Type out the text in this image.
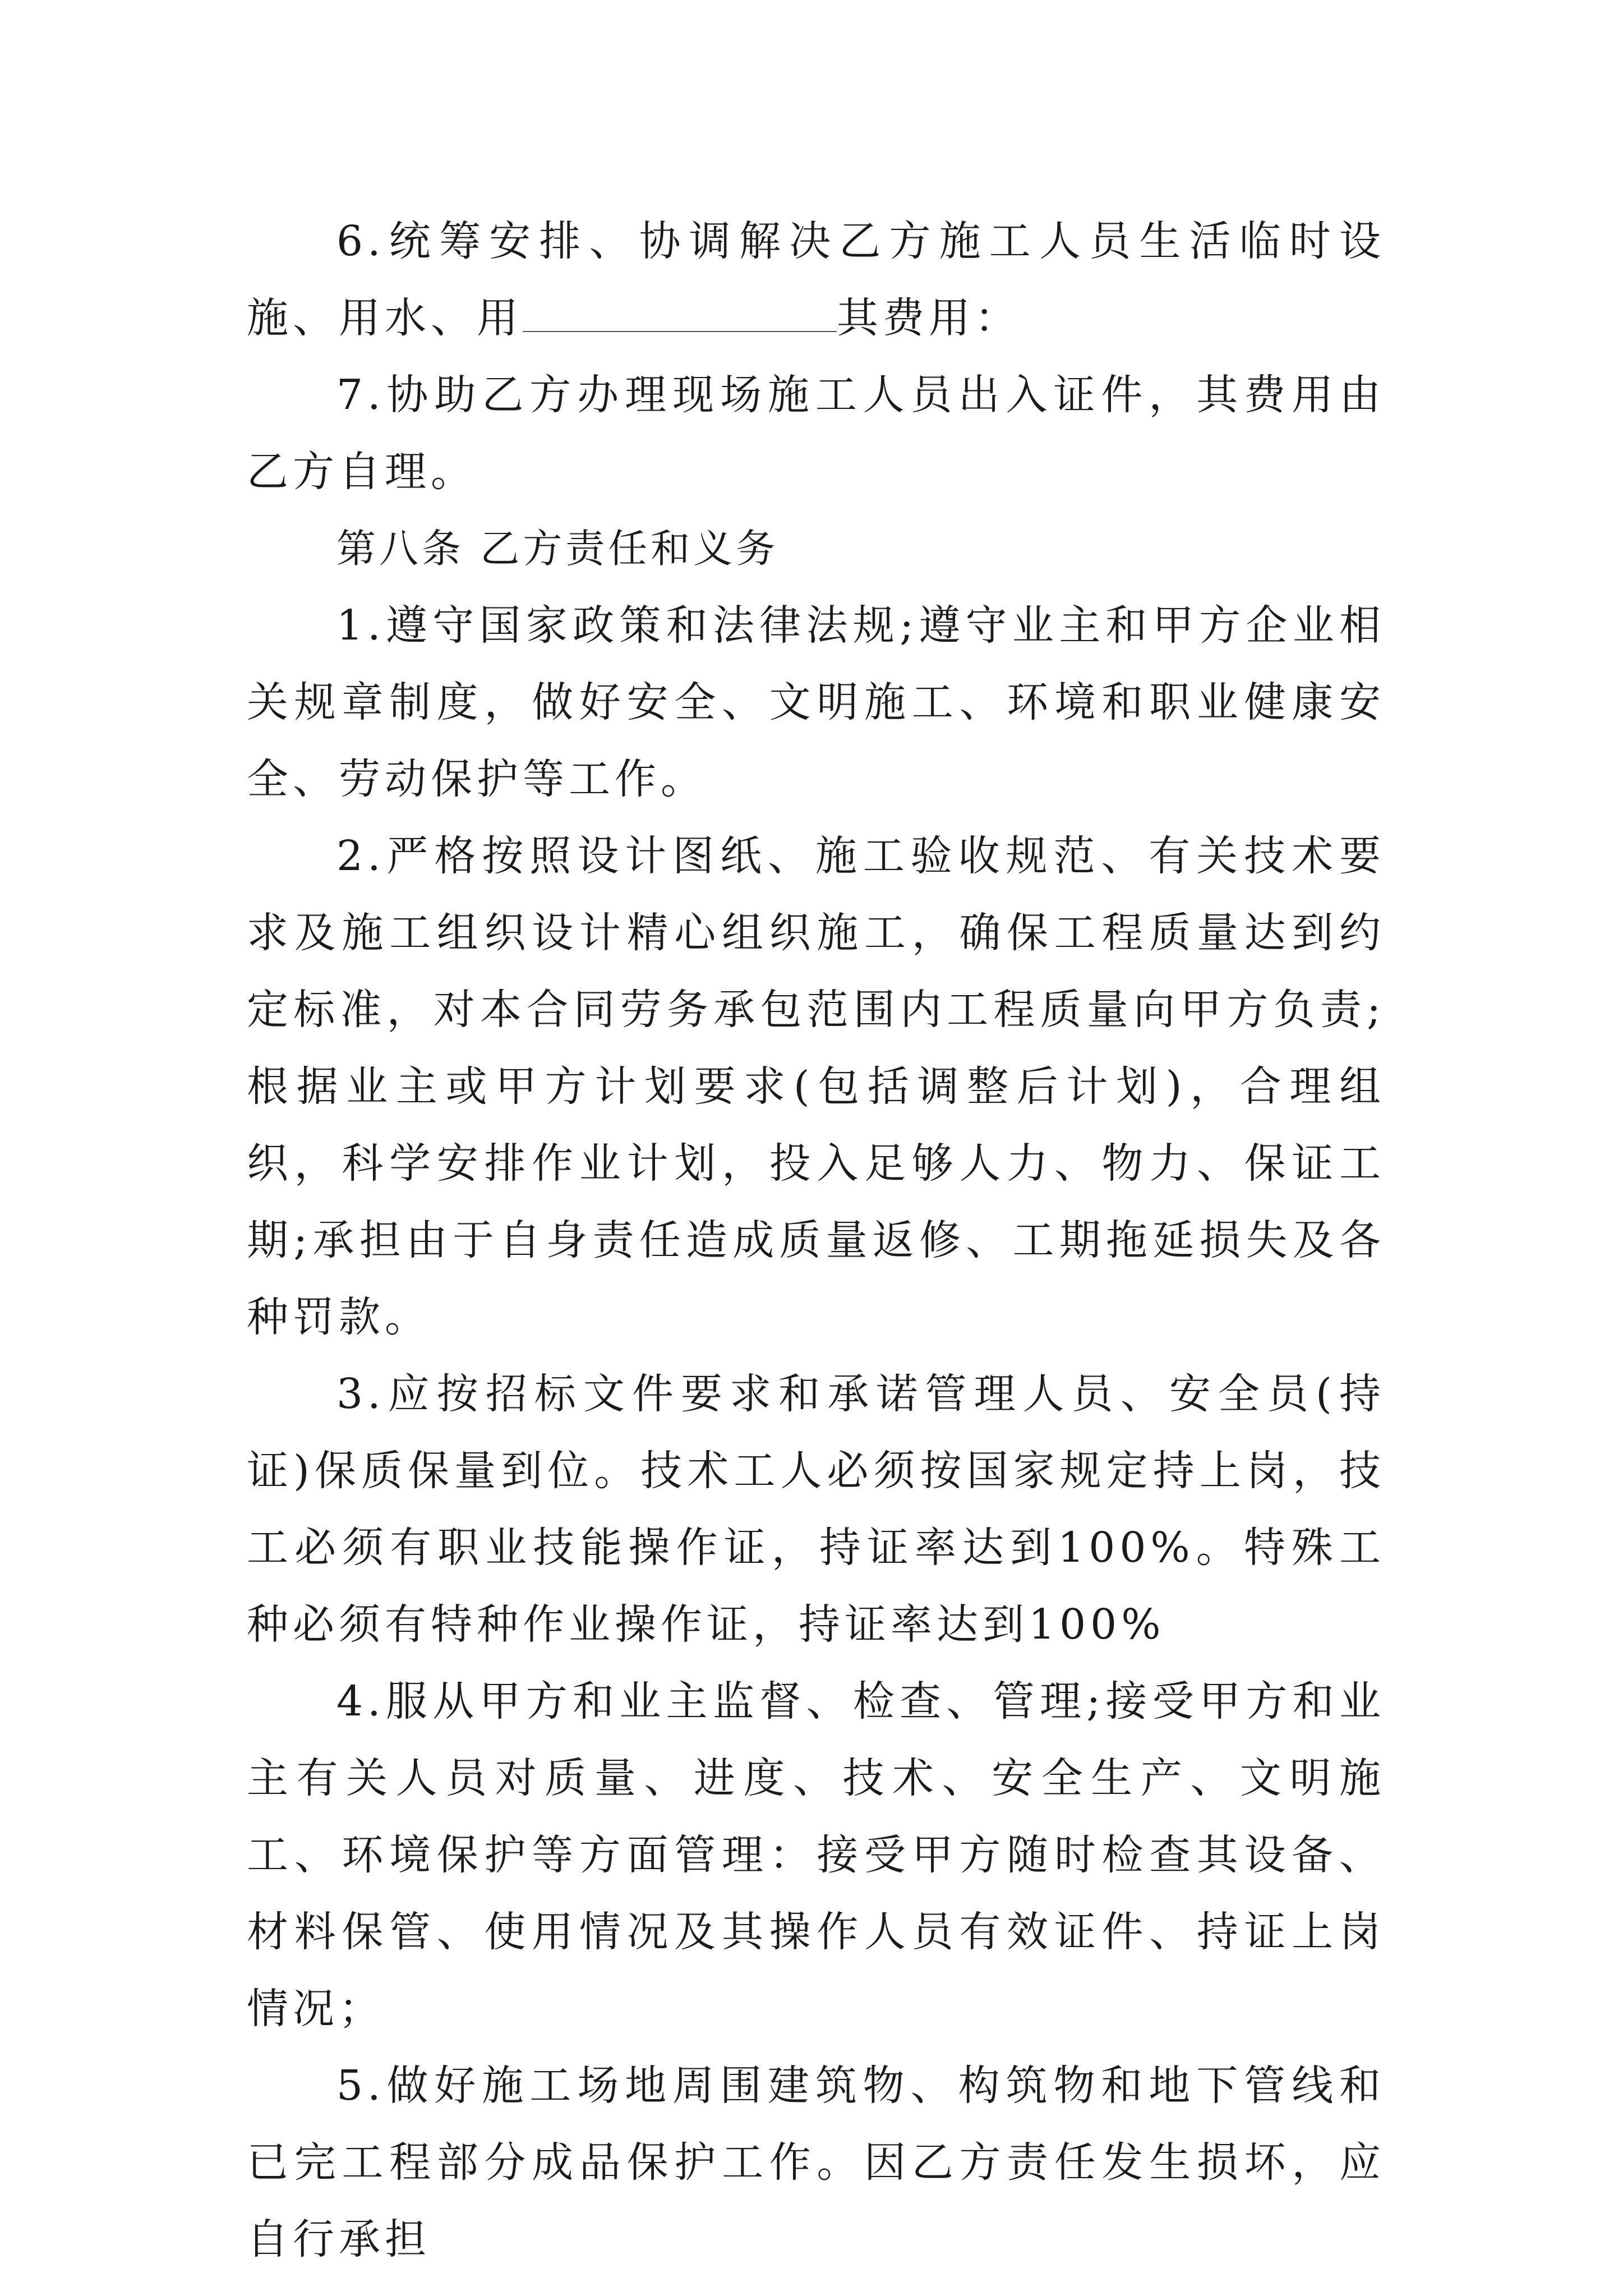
6.统筹安排、协调解决乙方施工人员生活临时设施、用水、用	其费用：

7.协助乙方办理现场施工人员出入证件，其费用由乙方自理。

第八条 乙方责任和义务

1.遵守国家政策和法律法规;遵守业主和甲方企业相关规章制度，做好安全、文明施工、环境和职业健康安全、劳动保护等工作。

2.严格按照设计图纸、施工验收规范、有关技术要求及施工组织设计精心组织施工，确保工程质量达到约定标准，对本合同劳务承包范围内工程质量向甲方负责;根据业主或甲方计划要求(包括调整后计划)，合理组织，科学安排作业计划，投入足够人力、物力、保证工期;承担由于自身责任造成质量返修、工期拖延损失及各种罚款。

3.应按招标文件要求和承诺管理人员、安全员(持证)保质保量到位。技术工人必须按国家规定持上岗，技工必须有职业技能操作证，持证率达到100%。特殊工种必须有特种作业操作证，持证率达到100%

4.服从甲方和业主监督、检查、管理;接受甲方和业主有关人员对质量、进度、技术、安全生产、文明施工、环境保护等方面管理：接受甲方随时检查其设备、材料保管、使用情况及其操作人员有效证件、持证上岗情况；

5.做好施工场地周围建筑物、构筑物和地下管线和已完工程部分成品保护工作。因乙方责任发生损坏，应自行承担
